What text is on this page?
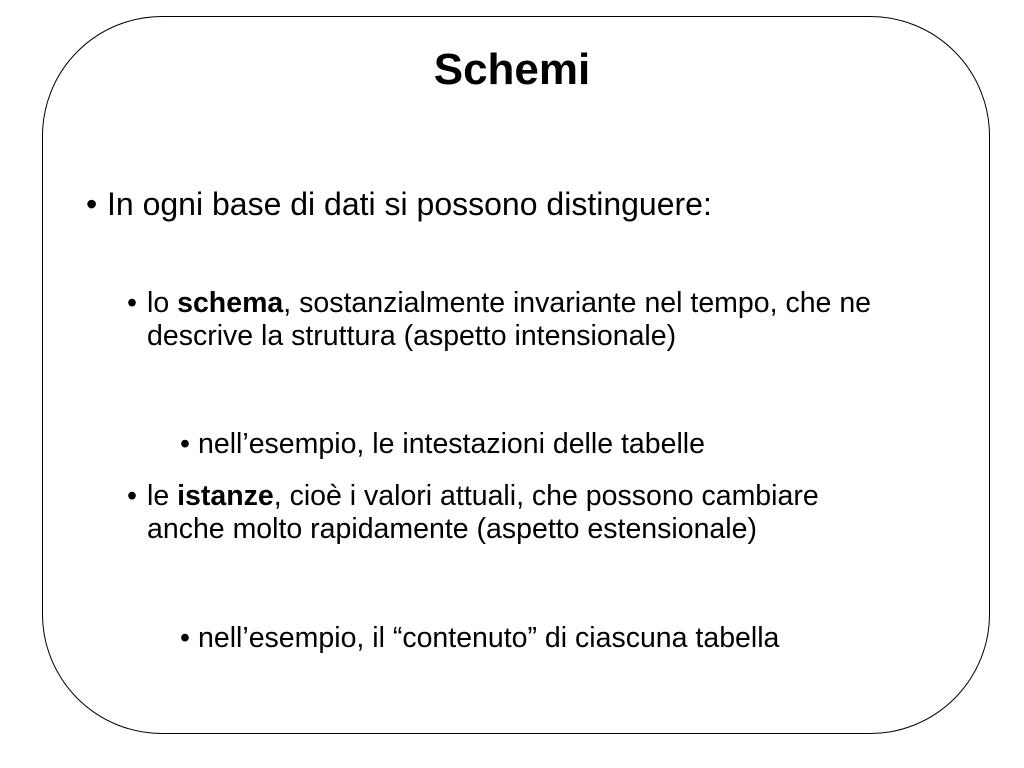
Schemi
• In ogni base di dati si possono distinguere:
• lo schema, sostanzialmente invariante nel tempo, che ne descrive la struttura (aspetto intensionale)
• nell’esempio, le intestazioni delle tabelle
• le istanze, cioè i valori attuali, che possono cambiare anche molto rapidamente (aspetto estensionale)
• nell’esempio, il “contenuto” di ciascuna tabella
